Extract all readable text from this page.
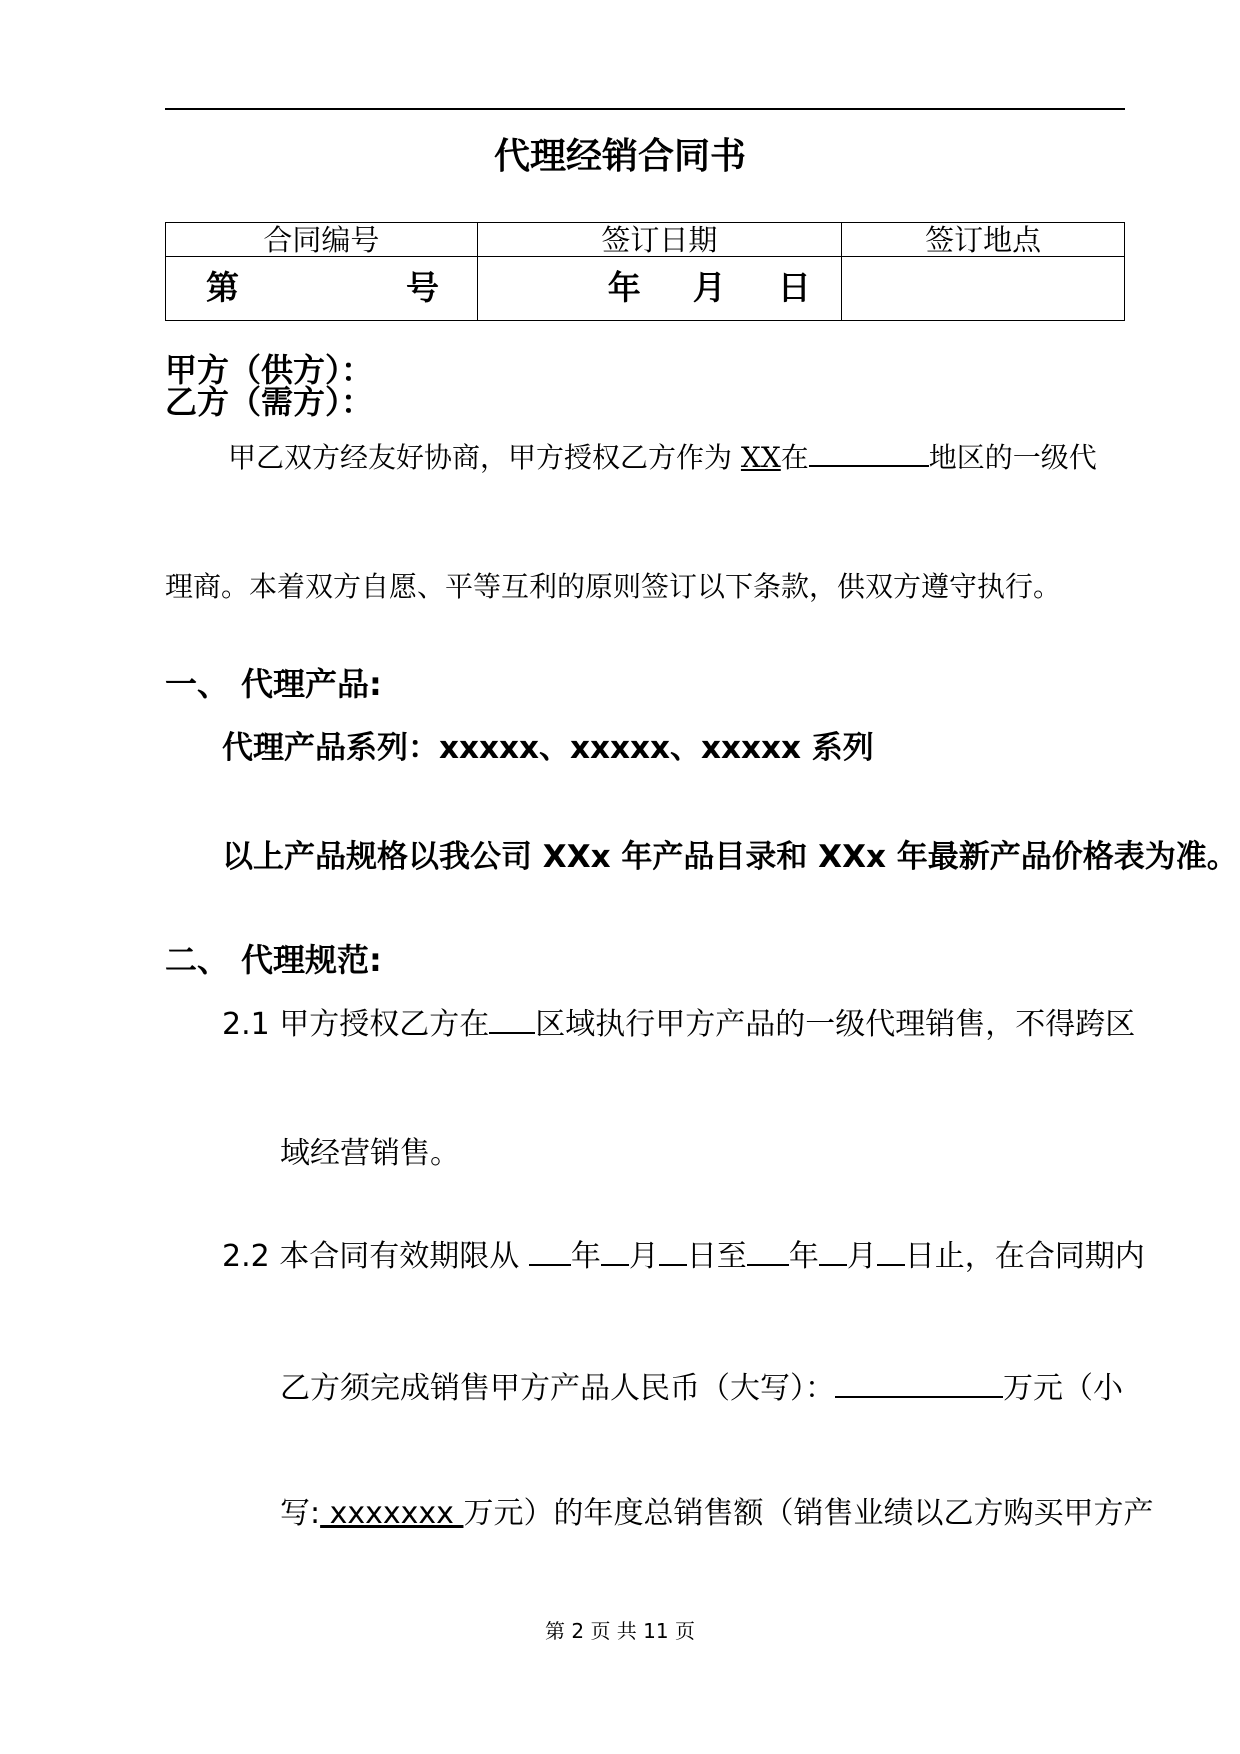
代理经销合同书
合同编号	签订日期	签订地点

第 号	年 月 日	

甲方（供方）：
乙方（需方）：
甲乙双方经友好协商，甲方授权乙方作为 XX在	地区的一级代
理商。本着双方自愿、平等互利的原则签订以下条款，供双方遵守执行。
一、 代理产品:
代理产品系列：xxxxx、xxxxx、xxxxx 系列
以上产品规格以我公司 XXx 年产品目录和 XXx 年最新产品价格表为准。
二、 代理规范:
2.1 甲方授权乙方在 区域执行甲方产品的一级代理销售，不得跨区
域经营销售。
2.2 本合同有效期限从 年 月 日至 年 月 日止，在合同期内
乙方须完成销售甲方产品人民币（大写）：	万元（小
写: xxxxxxx 万元）的年度总销售额（销售业绩以乙方购买甲方产
第 2 页 共 11 页
